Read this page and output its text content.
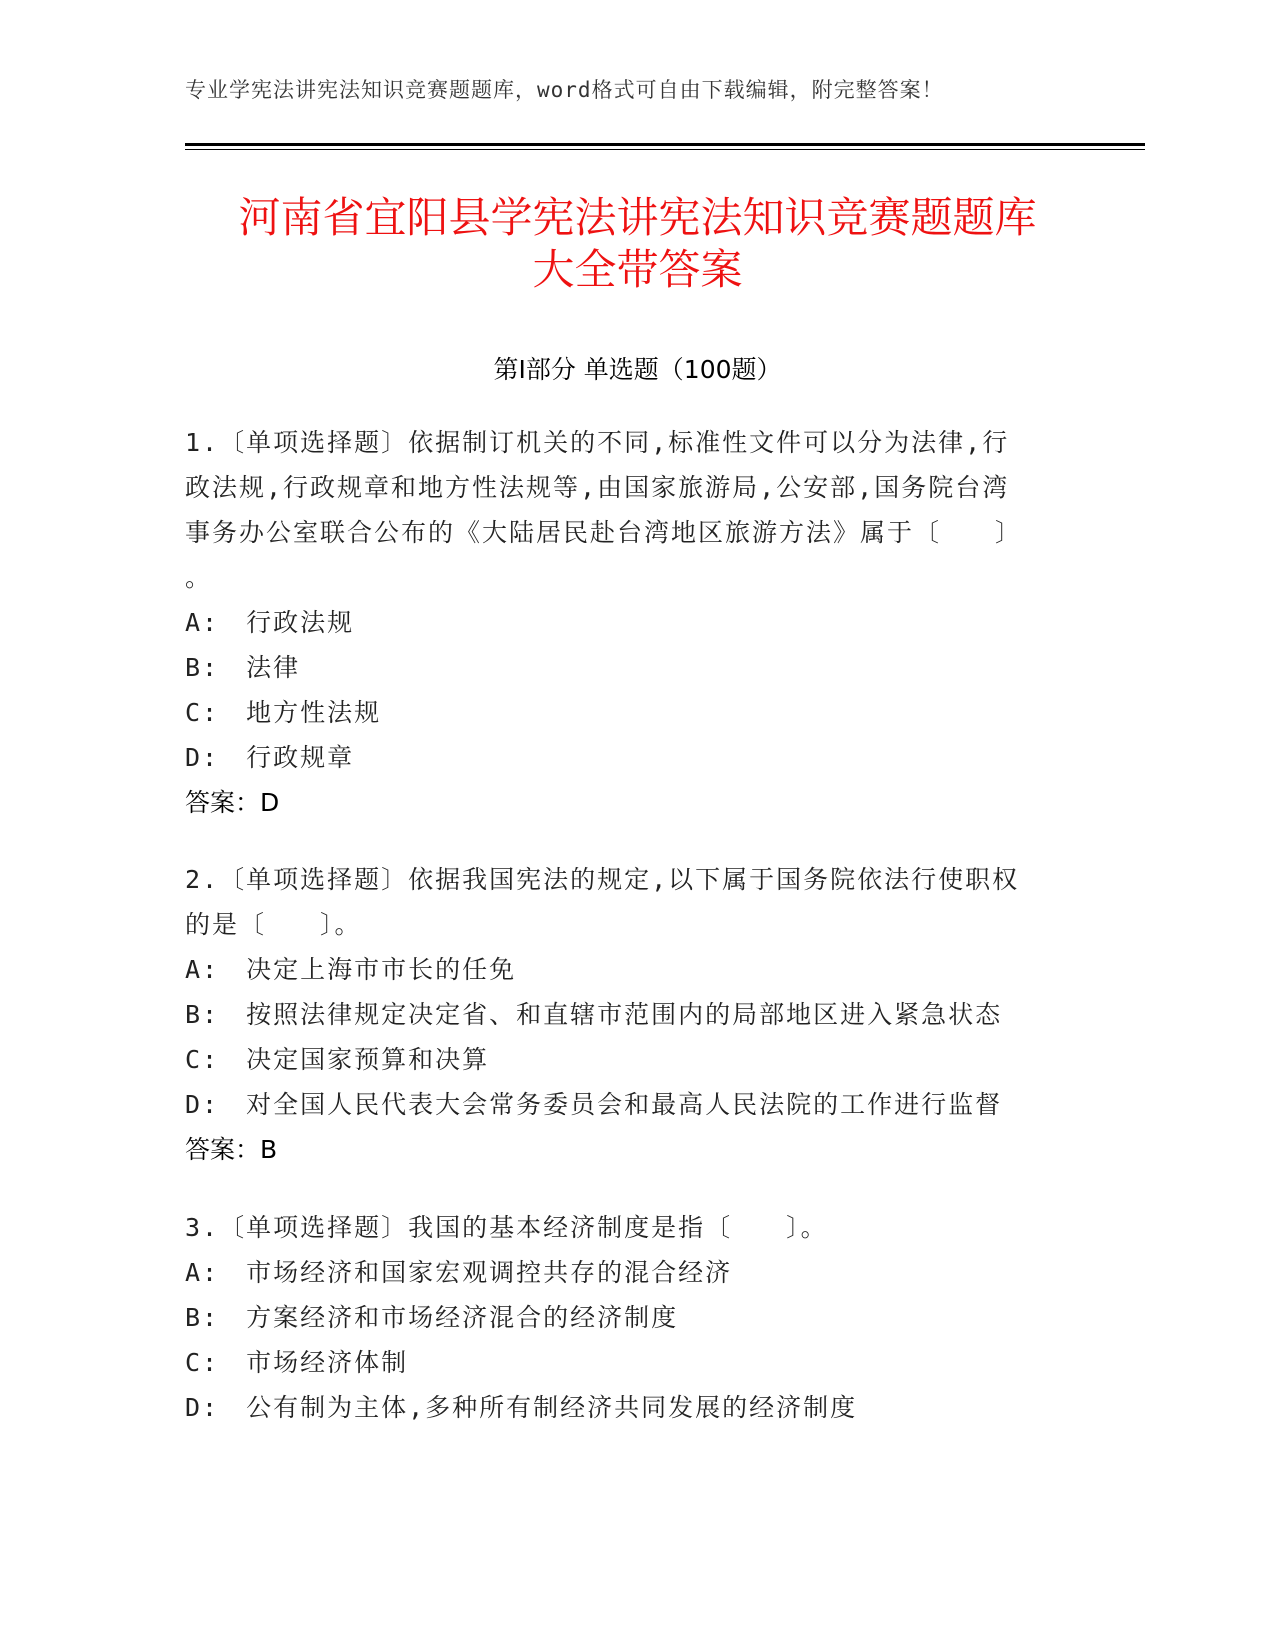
专业学宪法讲宪法知识竞赛题题库，word格式可自由下载编辑，附完整答案！
河南省宜阳县学宪法讲宪法知识竞赛题题库
大全带答案
第Ⅰ部分 单选题（100题）

1.〔单项选择题〕依据制订机关的不同,标准性文件可以分为法律,行

政法规,行政规章和地方性法规等,由国家旅游局,公安部,国务院台湾

事务办公室联合公布的《大陆居民赴台湾地区旅游方法》属于〔　　〕

。

A:　行政法规

B:　法律

C:　地方性法规

D:　行政规章

答案：D

2.〔单项选择题〕依据我国宪法的规定,以下属于国务院依法行使职权

的是〔　　〕。

A:　决定上海市市长的任免

B:　按照法律规定决定省、和直辖市范围内的局部地区进入紧急状态

C:　决定国家预算和决算

D:　对全国人民代表大会常务委员会和最高人民法院的工作进行监督

答案：B

3.〔单项选择题〕我国的基本经济制度是指〔　　〕。

A:　市场经济和国家宏观调控共存的混合经济

B:　方案经济和市场经济混合的经济制度

C:　市场经济体制

D:　公有制为主体,多种所有制经济共同发展的经济制度
